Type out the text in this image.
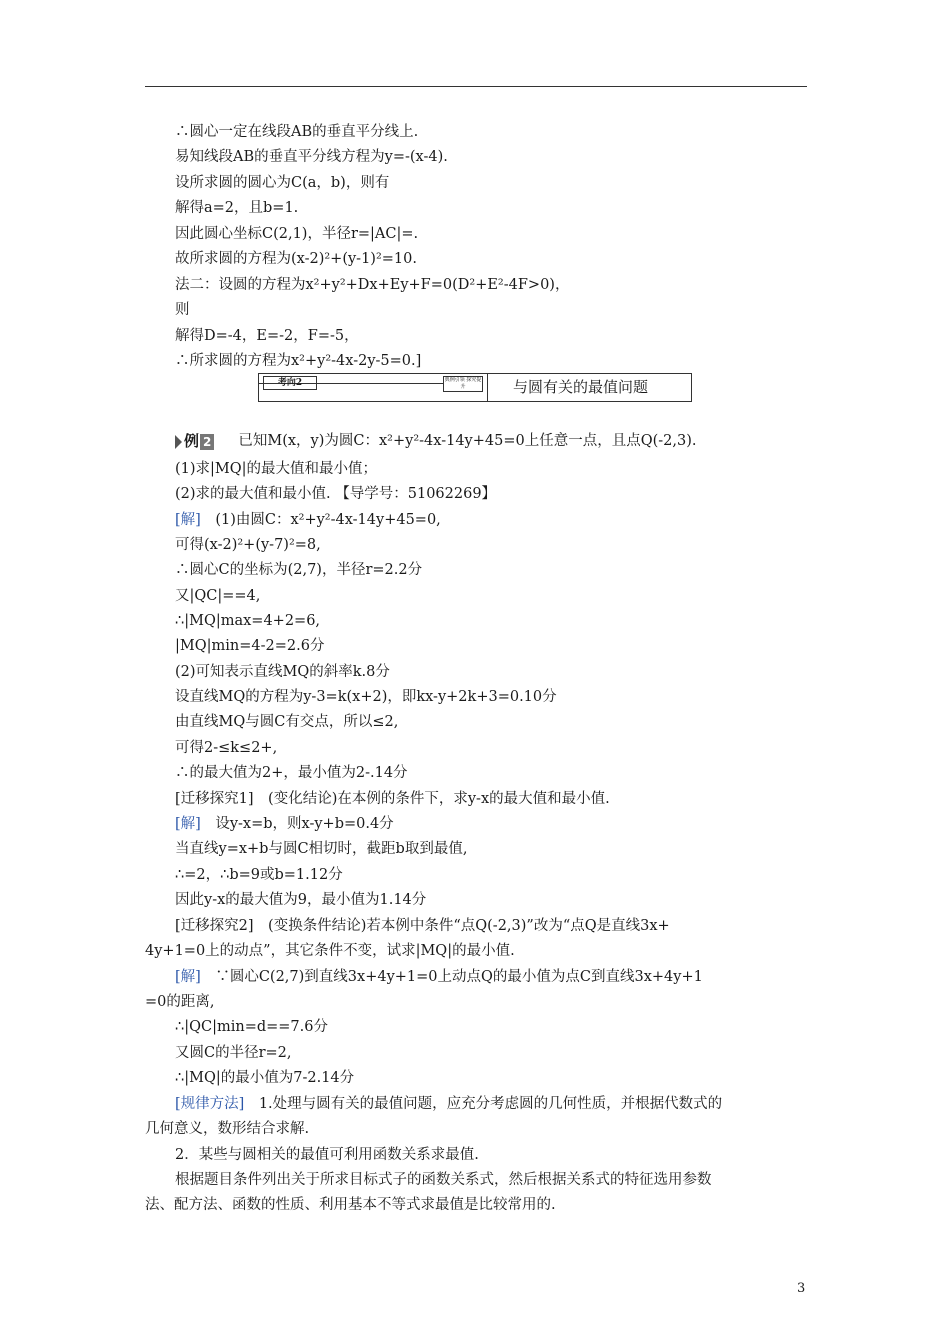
∴圆心一定在线段AB的垂直平分线上.
易知线段AB的垂直平分线方程为y=-(x-4).
设所求圆的圆心为C(a，b)，则有
解得a=2，且b=1.
因此圆心坐标C(2,1)，半径r=|AC|=.
故所求圆的方程为(x-2)²+(y-1)²=10.
法二：设圆的方程为x²+y²+Dx+Ey+F=0(D²+E²-4F>0)，
则
解得D=-4，E=-2，F=-5，
∴所求圆的方程为x²+y²-4x-2y-5=0.]
考向2	典例引领 探究提升	与圆有关的最值问题
例 2 已知M(x，y)为圆C：x²+y²-4x-14y+45=0上任意一点，且点Q(-2,3).
(1)求|MQ|的最大值和最小值；
(2)求的最大值和最小值. 【导学号：51062269】
[解]　 (1)由圆C：x²+y²-4x-14y+45=0,
可得(x-2)²+(y-7)²=8,
∴圆心C的坐标为(2,7)，半径r=2.2分
又|QC|==4,
∴|MQ|max=4+2=6,
|MQ|min=4-2=2.6分
(2)可知表示直线MQ的斜率k.8分
设直线MQ的方程为y-3=k(x+2)，即kx-y+2k+3=0.10分
由直线MQ与圆C有交点，所以≤2,
可得2-≤k≤2+,
∴的最大值为2+，最小值为2-.14分
[迁移探究1]　(变化结论)在本例的条件下，求y-x的最大值和最小值.
[解]　 设y-x=b，则x-y+b=0.4分
当直线y=x+b与圆C相切时，截距b取到最值,
∴=2，∴b=9或b=1.12分
因此y-x的最大值为9，最小值为1.14分
[迁移探究2]　(变换条件结论)若本例中条件“点Q(-2,3)”改为“点Q是直线3x+
4y+1=0上的动点”，其它条件不变，试求|MQ|的最小值.
[解]　 ∵圆心C(2,7)到直线3x+4y+1=0上动点Q的最小值为点C到直线3x+4y+1
=0的距离,
∴|QC|min=d==7.6分
又圆C的半径r=2,
∴|MQ|的最小值为7-2.14分
[规律方法]　 1.处理与圆有关的最值问题，应充分考虑圆的几何性质，并根据代数式的
几何意义，数形结合求解.
2．某些与圆相关的最值可利用函数关系求最值.
根据题目条件列出关于所求目标式子的函数关系式，然后根据关系式的特征选用参数
法、配方法、函数的性质、利用基本不等式求最值是比较常用的.
3
